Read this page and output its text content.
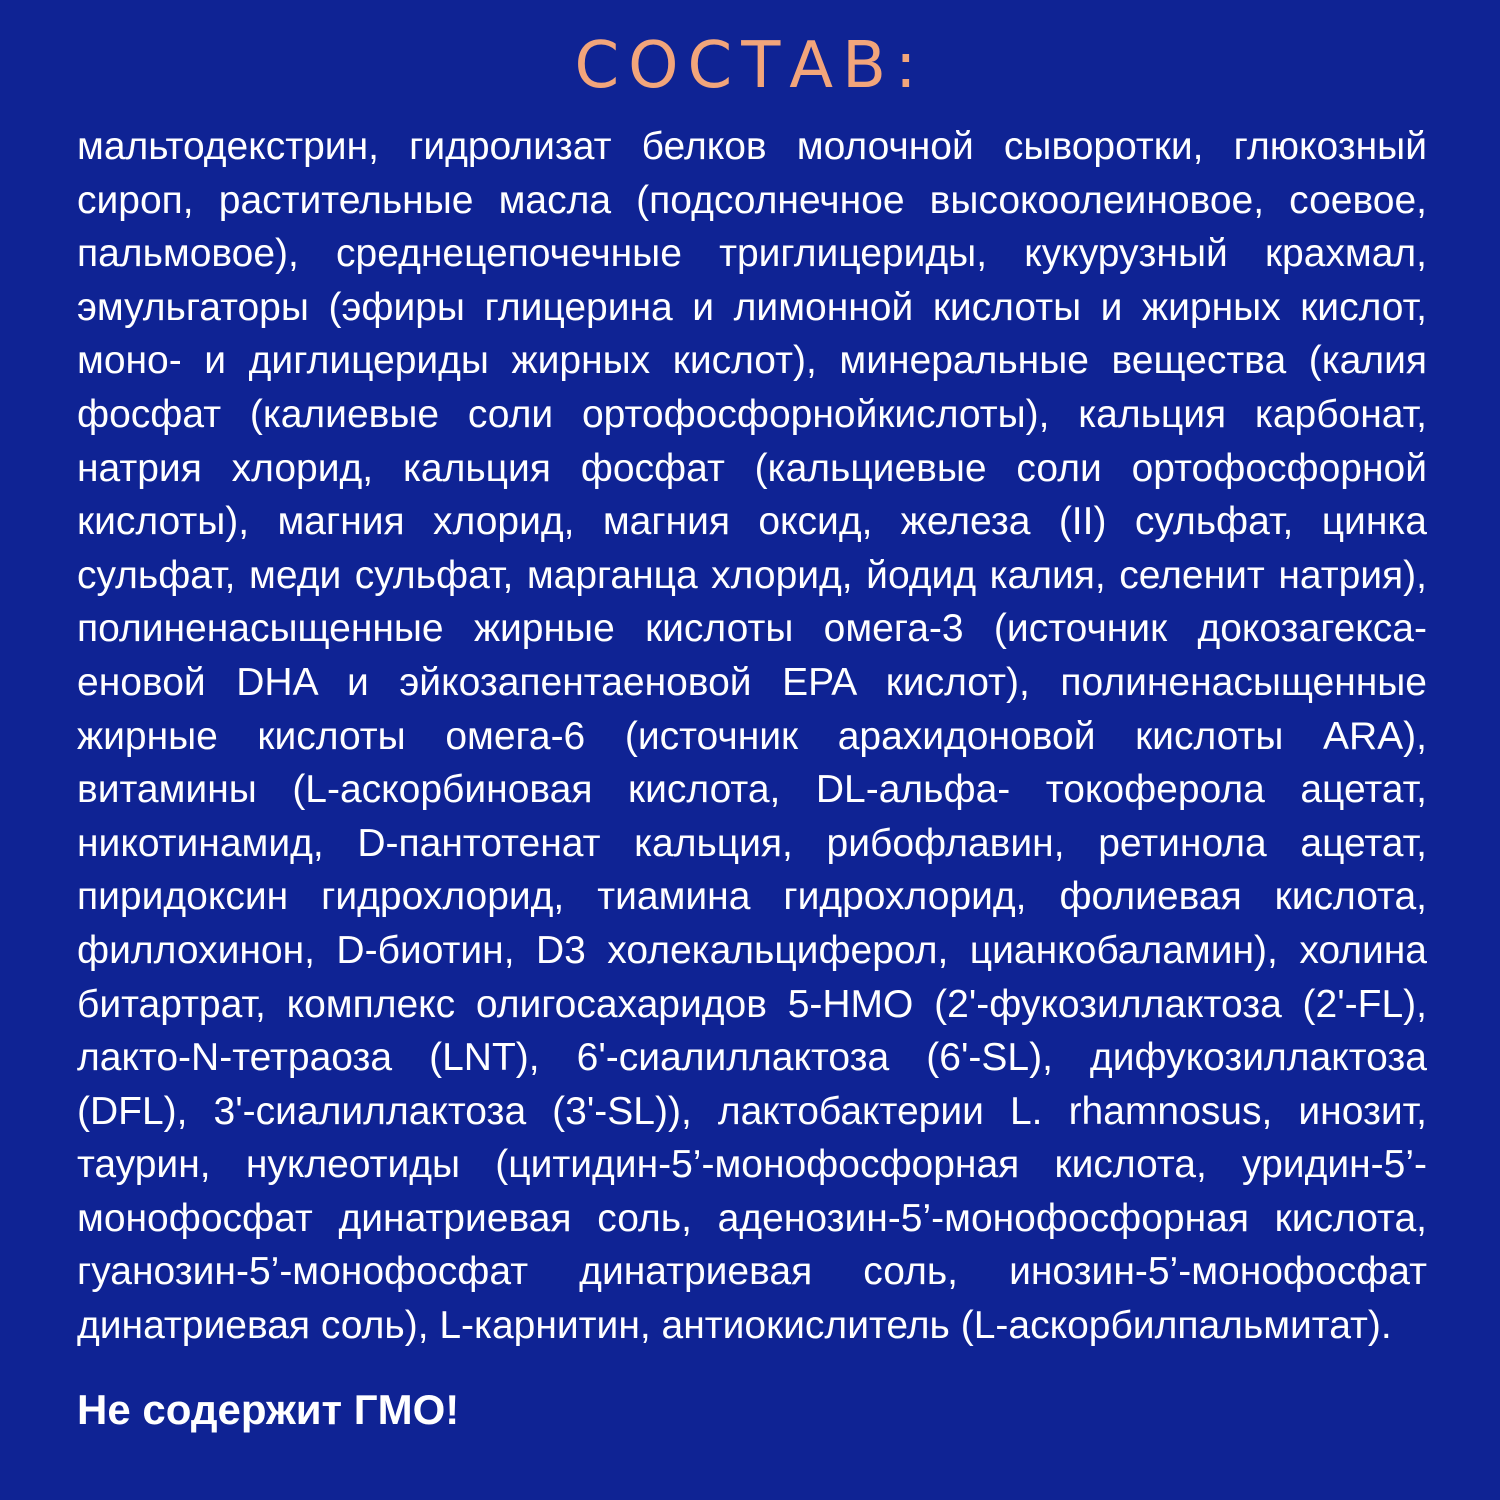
СОСТАВ:
мальтодекстрин, гидролизат белков молочной сыворотки, глюкозный
сироп, растительные масла (подсолнечное высокоолеиновое, соевое,
пальмовое), среднецепочечные триглицериды, кукурузный крахмал,
эмульгаторы (эфиры глицерина и лимонной кислоты и жирных кислот,
моно- и диглицериды жирных кислот), минеральные вещества (калия
фосфат (калиевые соли ортофосфорнойкислоты), кальция карбонат,
натрия хлорид, кальция фосфат (кальциевые соли ортофосфорной
кислоты), магния хлорид, магния оксид, железа (II) сульфат, цинка
сульфат, меди сульфат, марганца хлорид, йодид калия, селенит натрия),
полиненасыщенные жирные кислоты омега-3 (источник докозагекса-
еновой DHA и эйкозапентаеновой EPA кислот), полиненасыщенные
жирные кислоты омега-6 (источник арахидоновой кислоты ARA),
витамины (L-аскорбиновая кислота, DL-альфа- токоферола ацетат,
никотинамид, D-пантотенат кальция, рибофлавин, ретинола ацетат,
пиридоксин гидрохлорид, тиамина гидрохлорид, фолиевая кислота,
филлохинон, D-биотин, D3 холекальциферол, цианкобаламин), холина
битартрат, комплекс олигосахаридов 5-HMO (2'-фукозиллактоза (2'-FL),
лакто-N-тетраоза (LNT), 6'-сиалиллактоза (6'-SL), дифукозиллактоза
(DFL), 3'-сиалиллактоза (3'-SL)), лактобактерии L. rhamnosus, инозит,
таурин, нуклеотиды (цитидин-5’-монофосфорная кислота, уридин-5’-
монофосфат динатриевая соль, аденозин-5’-монофосфорная кислота,
гуанозин-5’-монофосфат динатриевая соль, инозин-5’-монофосфат
динатриевая соль), L-карнитин, антиокислитель (L-аскорбилпальмитат).

Не содержит ГМО!
